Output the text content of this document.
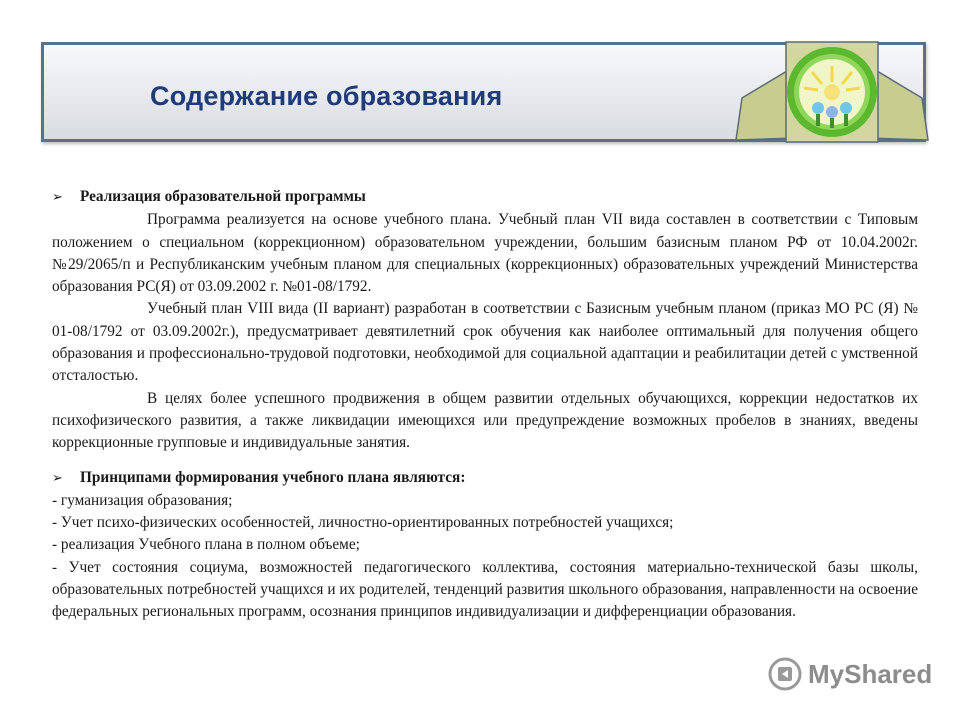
Содержание образования
➢	Реализация образовательной программы

Программа реализуется на основе учебного плана. Учебный план VII вида составлен в соответствии с Типовым положением о специальном (коррекционном) образовательном учреждении, большим базисным планом РФ от 10.04.2002г. №29/2065/п и Республиканским учебным планом для специальных (коррекционных) образовательных учреждений Министерства образования РС(Я) от 03.09.2002 г. №01-08/1792.

Учебный план VIII вида (II вариант) разработан в соответствии с Базисным учебным планом (приказ МО РС (Я) № 01-08/1792 от 03.09.2002г.), предусматривает девятилетний срок обучения как наиболее оптимальный для получения общего образования и профессионально-трудовой подготовки, необходимой для социальной адаптации и реабилитации детей с умственной отсталостью.

В целях более успешного продвижения в общем развитии отдельных обучающихся, коррекции недостатков их психофизического развития, а также ликвидации имеющихся или предупреждение возможных пробелов в знаниях, введены коррекционные групповые и индивидуальные занятия.

➢	Принципами формирования учебного плана являются:

- гуманизация образования;

- Учет психо-физических особенностей, личностно-ориентированных потребностей учащихся;

- реализация Учебного плана в полном объеме;

- Учет состояния социума, возможностей педагогического коллектива, состояния материально-технической базы школы, образовательных потребностей учащихся и их родителей, тенденций развития школьного образования, направленности на освоение федеральных региональных программ, осознания принципов индивидуализации и дифференциации образования.

MyShared
